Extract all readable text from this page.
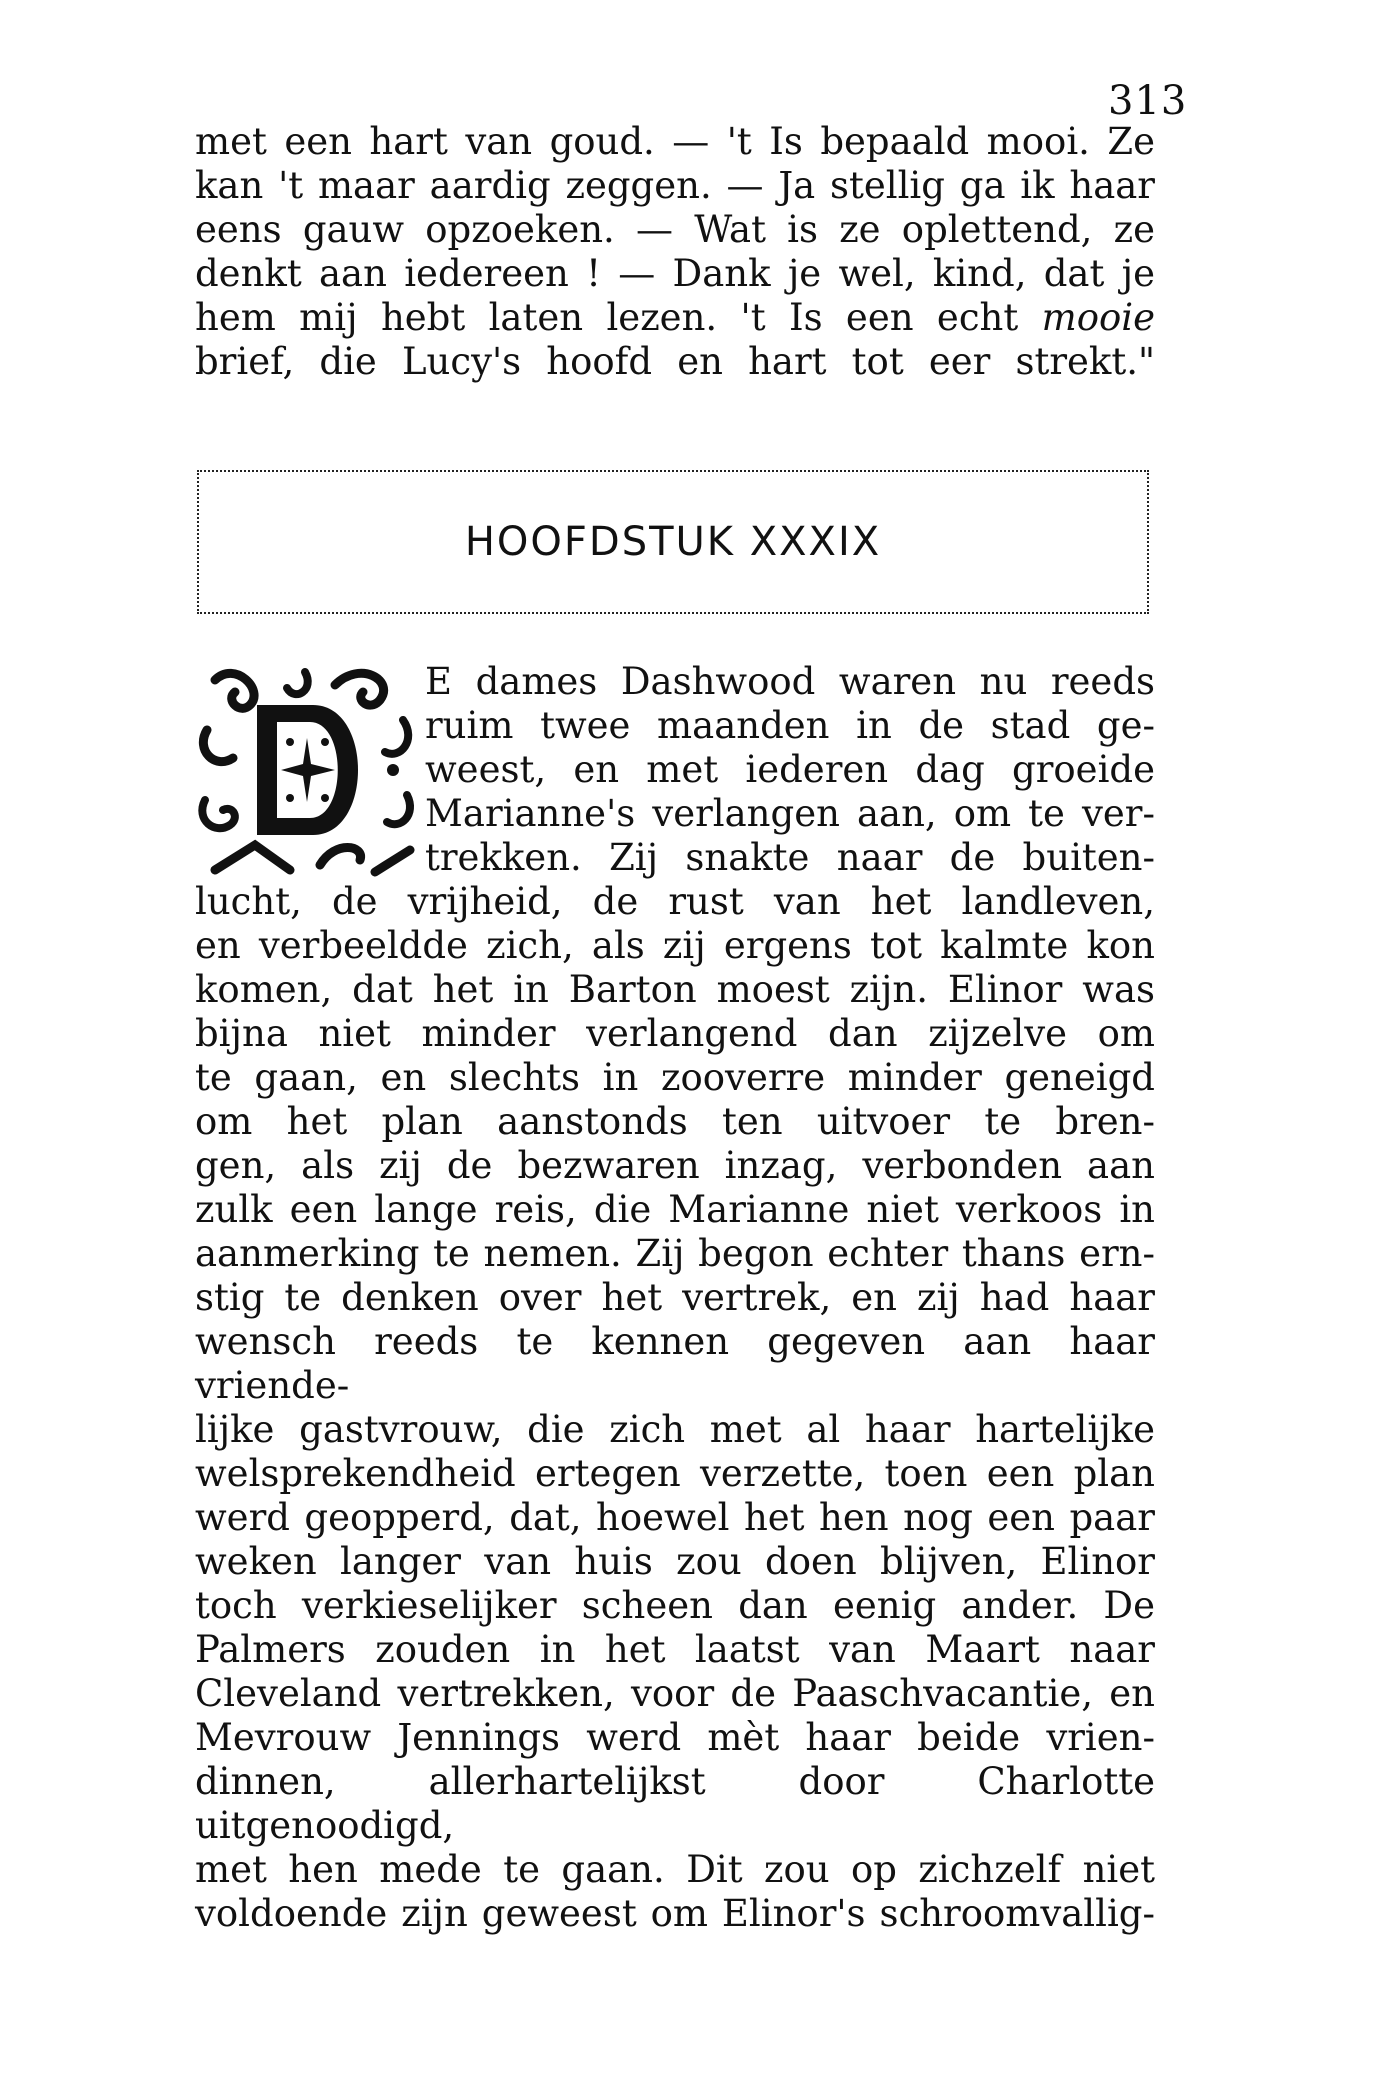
313
met een hart van goud. — 't Is bepaald mooi. Ze
kan 't maar aardig zeggen. — Ja stellig ga ik haar
eens gauw opzoeken. — Wat is ze oplettend, ze
denkt aan iedereen ! — Dank je wel, kind, dat je
hem mij hebt laten lezen. 't Is een echt mooie
brief, die Lucy's hoofd en hart tot eer strekt."
HOOFDSTUK XXXIX
E dames Dashwood waren nu reeds
ruim twee maanden in de stad ge-
weest, en met iederen dag groeide
Marianne's verlangen aan, om te ver-
trekken. Zij snakte naar de buiten-
lucht, de vrijheid, de rust van het landleven,
en verbeeldde zich, als zij ergens tot kalmte kon
komen, dat het in Barton moest zijn. Elinor was
bijna niet minder verlangend dan zijzelve om
te gaan, en slechts in zooverre minder geneigd
om het plan aanstonds ten uitvoer te bren-
gen, als zij de bezwaren inzag, verbonden aan
zulk een lange reis, die Marianne niet verkoos in
aanmerking te nemen. Zij begon echter thans ern-
stig te denken over het vertrek, en zij had haar
wensch reeds te kennen gegeven aan haar vriende-
lijke gastvrouw, die zich met al haar hartelijke
welsprekendheid ertegen verzette, toen een plan
werd geopperd, dat, hoewel het hen nog een paar
weken langer van huis zou doen blijven, Elinor
toch verkieselijker scheen dan eenig ander. De
Palmers zouden in het laatst van Maart naar
Cleveland vertrekken, voor de Paaschvacantie, en
Mevrouw Jennings werd mèt haar beide vrien-
dinnen, allerhartelijkst door Charlotte uitgenoodigd,
met hen mede te gaan. Dit zou op zichzelf niet
voldoende zijn geweest om Elinor's schroomvallig-
